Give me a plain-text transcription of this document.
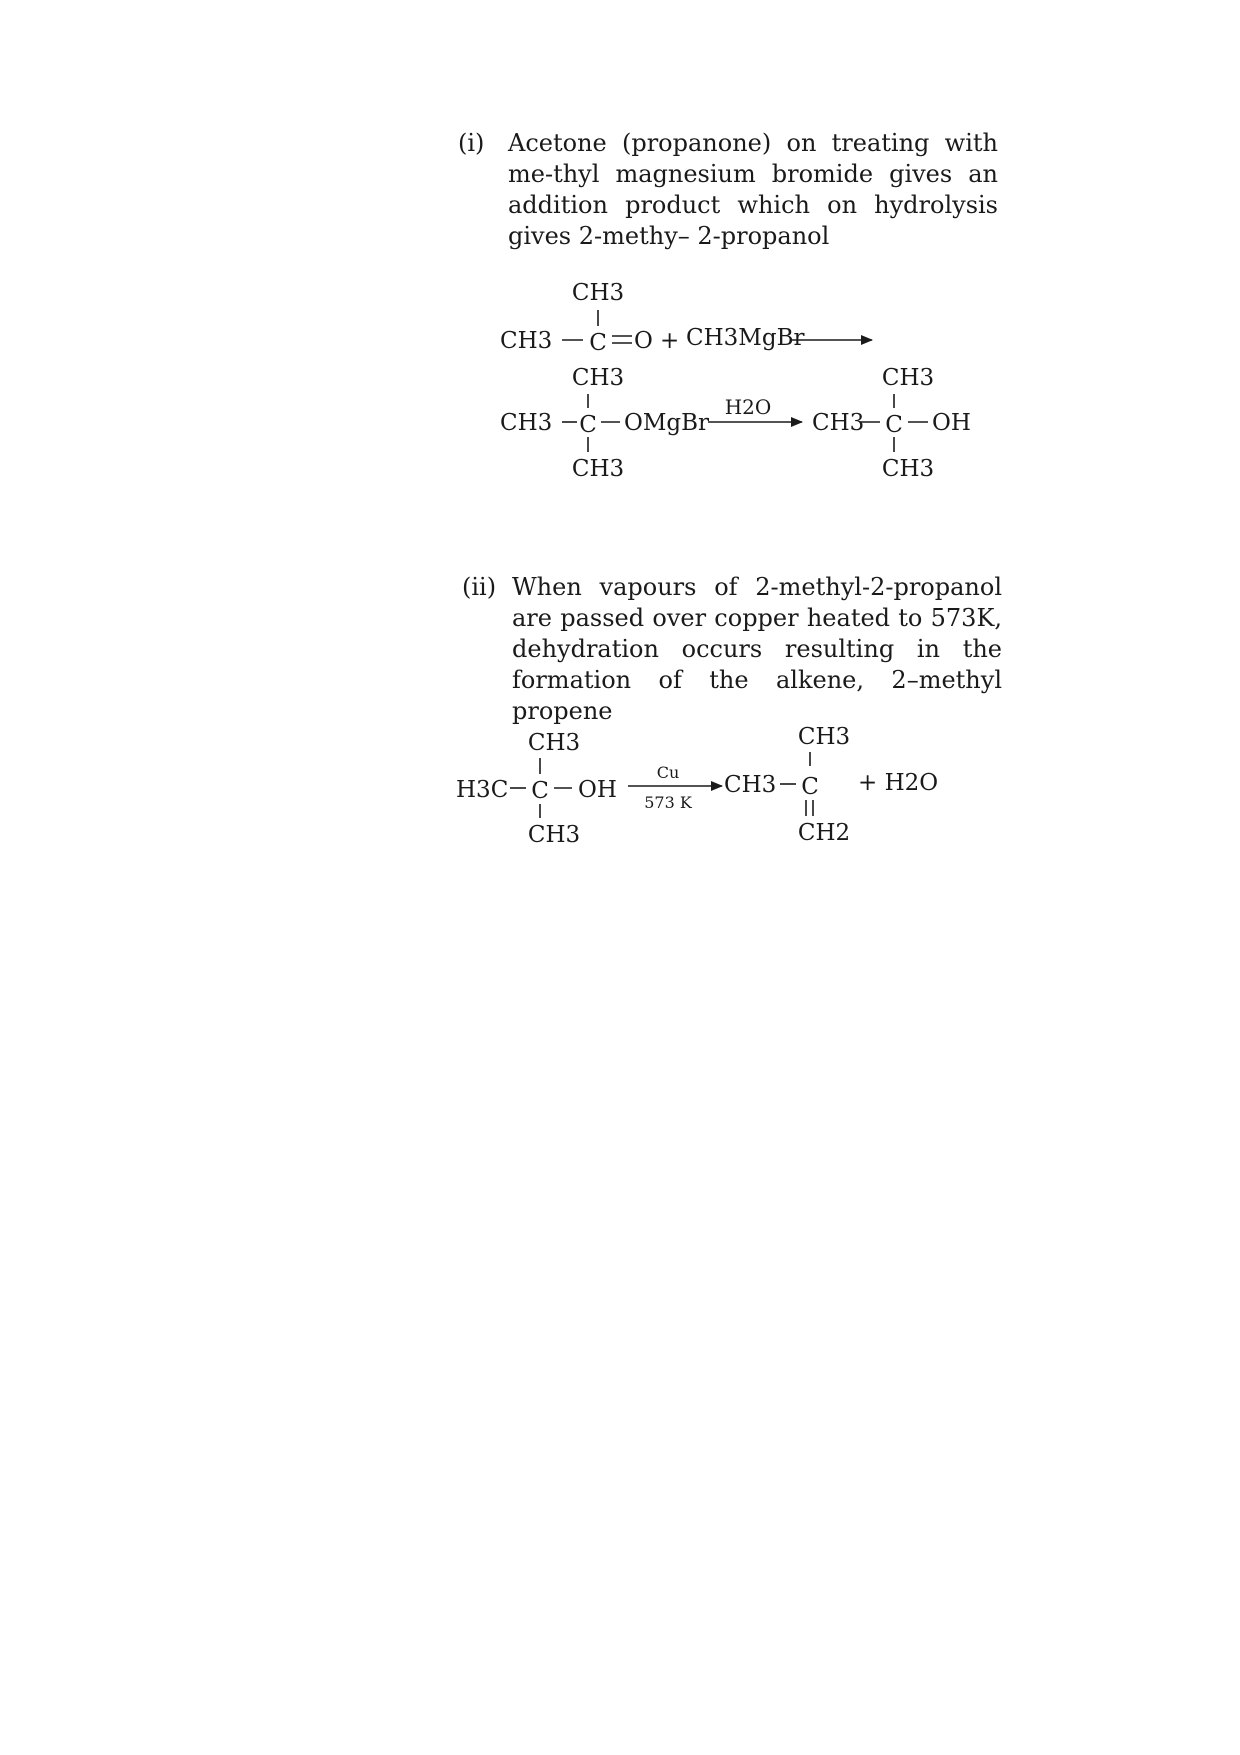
(i) Acetone (propanone) on treating with me-thyl magnesium bromide gives an addition product which on hydrolysis gives 2-methy– 2-propanol
(ii) When vapours of 2-methyl-2-propanol are passed over copper heated to 573K, dehydration occurs resulting in the formation of the alkene, 2–methyl propene
CH3
CH3 C O + CH3MgBr
CH3
CH3 C OMgBr
CH3
H2O
CH3
CH3 C OH
CH3
CH3
H3C C OH
CH3
Cu
573 K
CH3
CH3 C
CH2
+ H2O
